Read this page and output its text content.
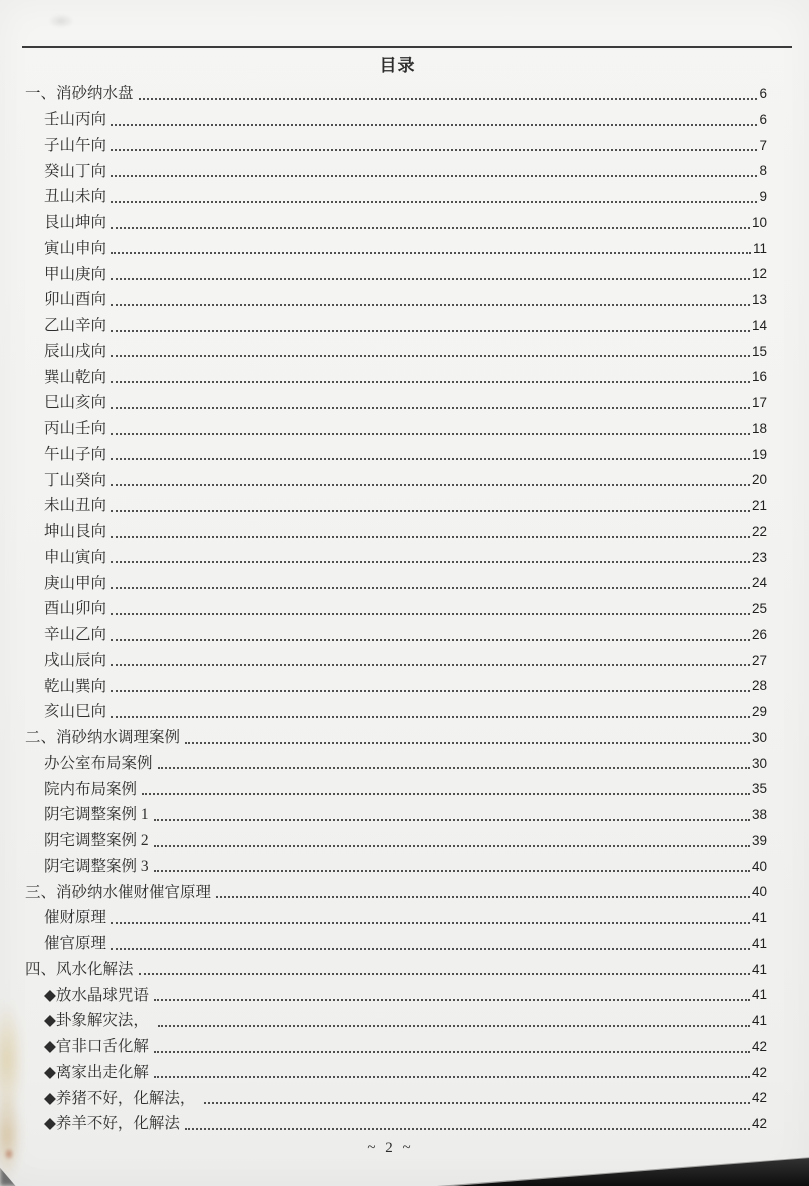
目录
一、消砂纳水盘	6
壬山丙向	6
子山午向	7
癸山丁向	8
丑山未向	9
艮山坤向	10
寅山申向	11
甲山庚向	12
卯山酉向	13
乙山辛向	14
辰山戌向	15
巽山乾向	16
巳山亥向	17
丙山壬向	18
午山子向	19
丁山癸向	20
未山丑向	21
坤山艮向	22
申山寅向	23
庚山甲向	24
酉山卯向	25
辛山乙向	26
戌山辰向	27
乾山巽向	28
亥山巳向	29
二、消砂纳水调理案例	30
办公室布局案例	30
院内布局案例	35
阴宅调整案例 1	38
阴宅调整案例 2	39
阴宅调整案例 3	40
三、消砂纳水催财催官原理	40
催财原理	41
催官原理	41
四、风水化解法	41
◆放水晶球咒语	41
◆卦象解灾法，	41
◆官非口舌化解	42
◆离家出走化解	42
◆养猪不好，化解法，	42
◆养羊不好，化解法	42
~ 2 ~
